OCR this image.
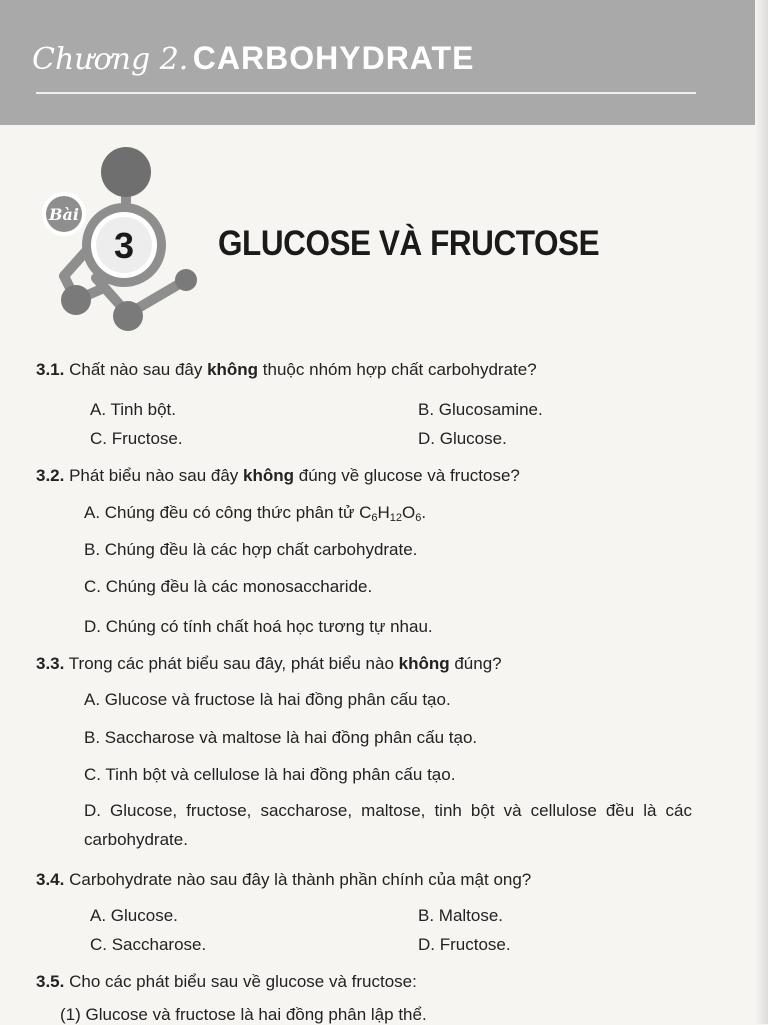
Chương 2. CARBOHYDRATE
Bài
3 GLUCOSE VÀ FRUCTOSE
3.1. Chất nào sau đây không thuộc nhóm hợp chất carbohydrate?
A. Tinh bột.	B. Glucosamine.
C. Fructose.	D. Glucose.
3.2. Phát biểu nào sau đây không đúng về glucose và fructose?
A. Chúng đều có công thức phân tử $C_6H_{12}O_6$.
B. Chúng đều là các hợp chất carbohydrate.
C. Chúng đều là các monosaccharide.
D. Chúng có tính chất hoá học tương tự nhau.
3.3. Trong các phát biểu sau đây, phát biểu nào không đúng?
A. Glucose và fructose là hai đồng phân cấu tạo.
B. Saccharose và maltose là hai đồng phân cấu tạo.
C. Tinh bột và cellulose là hai đồng phân cấu tạo.
D. Glucose, fructose, saccharose, maltose, tinh bột và cellulose đều là các carbohydrate.
3.4. Carbohydrate nào sau đây là thành phần chính của mật ong?
A. Glucose.	B. Maltose.
C. Saccharose.	D. Fructose.
3.5. Cho các phát biểu sau về glucose và fructose:
(1) Glucose và fructose là hai đồng phân lập thể.
